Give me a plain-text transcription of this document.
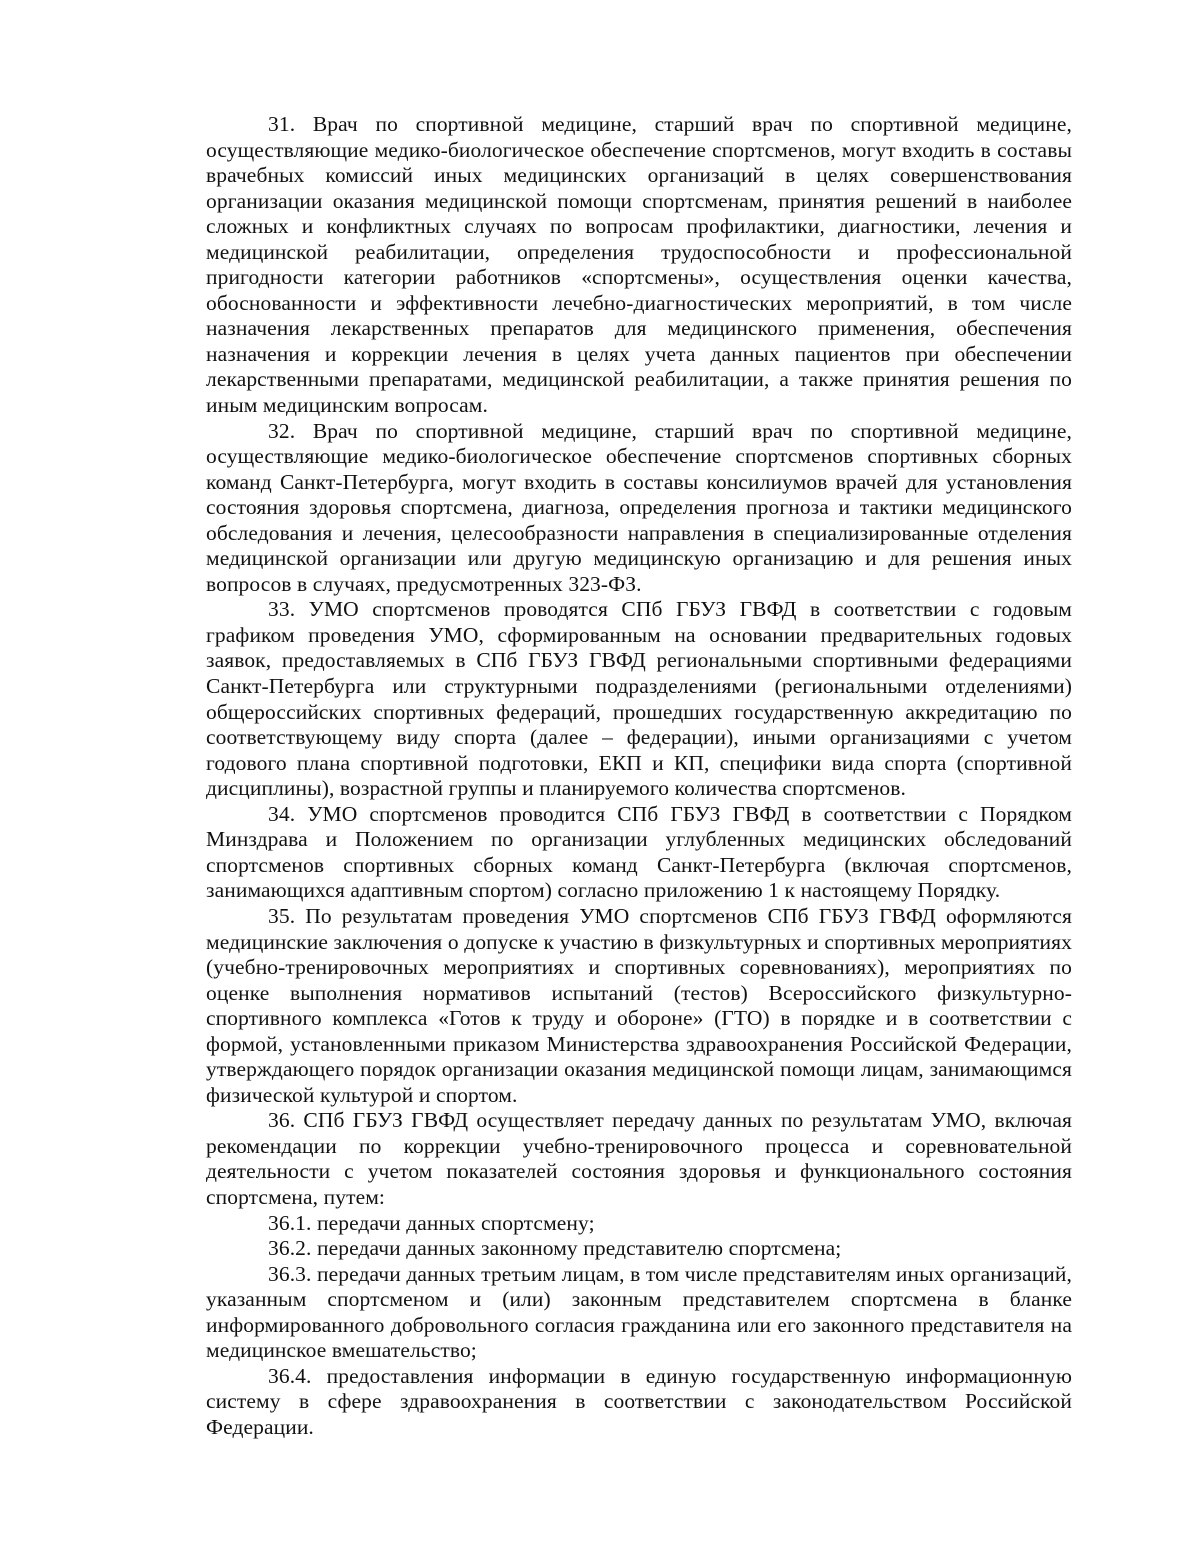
31. Врач по спортивной медицине, старший врач по спортивной медицине, осуществляющие медико-биологическое обеспечение спортсменов, могут входить в составы врачебных комиссий иных медицинских организаций в целях совершенствования организации оказания медицинской помощи спортсменам, принятия решений в наиболее сложных и конфликтных случаях по вопросам профилактики, диагностики, лечения и медицинской реабилитации, определения трудоспособности и профессиональной пригодности категории работников «спортсмены», осуществления оценки качества, обоснованности и эффективности лечебно-диагностических мероприятий, в том числе назначения лекарственных препаратов для медицинского применения, обеспечения назначения и коррекции лечения в целях учета данных пациентов при обеспечении лекарственными препаратами, медицинской реабилитации, а также принятия решения по иным медицинским вопросам.

32. Врач по спортивной медицине, старший врач по спортивной медицине, осуществляющие медико-биологическое обеспечение спортсменов спортивных сборных команд Санкт-Петербурга, могут входить в составы консилиумов врачей для установления состояния здоровья спортсмена, диагноза, определения прогноза и тактики медицинского обследования и лечения, целесообразности направления в специализированные отделения медицинской организации или другую медицинскую организацию и для решения иных вопросов в случаях, предусмотренных 323-ФЗ.

33. УМО спортсменов проводятся СПб ГБУЗ ГВФД в соответствии с годовым графиком проведения УМО, сформированным на основании предварительных годовых заявок, предоставляемых в СПб ГБУЗ ГВФД региональными спортивными федерациями Санкт-Петербурга или структурными подразделениями (региональными отделениями) общероссийских спортивных федераций, прошедших государственную аккредитацию по соответствующему виду спорта (далее – федерации), иными организациями с учетом годового плана спортивной подготовки, ЕКП и КП, специфики вида спорта (спортивной дисциплины), возрастной группы и планируемого количества спортсменов.

34. УМО спортсменов проводится СПб ГБУЗ ГВФД в соответствии с Порядком Минздрава и Положением по организации углубленных медицинских обследований спортсменов спортивных сборных команд Санкт-Петербурга (включая спортсменов, занимающихся адаптивным спортом) согласно приложению 1 к настоящему Порядку.

35. По результатам проведения УМО спортсменов СПб ГБУЗ ГВФД оформляются медицинские заключения о допуске к участию в физкультурных и спортивных мероприятиях (учебно-тренировочных мероприятиях и спортивных соревнованиях), мероприятиях по оценке выполнения нормативов испытаний (тестов) Всероссийского физкультурно-спортивного комплекса «Готов к труду и обороне» (ГТО) в порядке и в соответствии с формой, установленными приказом Министерства здравоохранения Российской Федерации, утверждающего порядок организации оказания медицинской помощи лицам, занимающимся физической культурой и спортом.

36. СПб ГБУЗ ГВФД осуществляет передачу данных по результатам УМО, включая рекомендации по коррекции учебно-тренировочного процесса и соревновательной деятельности с учетом показателей состояния здоровья и функционального состояния спортсмена, путем:

36.1. передачи данных спортсмену;

36.2. передачи данных законному представителю спортсмена;

36.3. передачи данных третьим лицам, в том числе представителям иных организаций, указанным спортсменом и (или) законным представителем спортсмена в бланке информированного добровольного согласия гражданина или его законного представителя на медицинское вмешательство;

36.4. предоставления информации в единую государственную информационную систему в сфере здравоохранения в соответствии с законодательством Российской Федерации.
